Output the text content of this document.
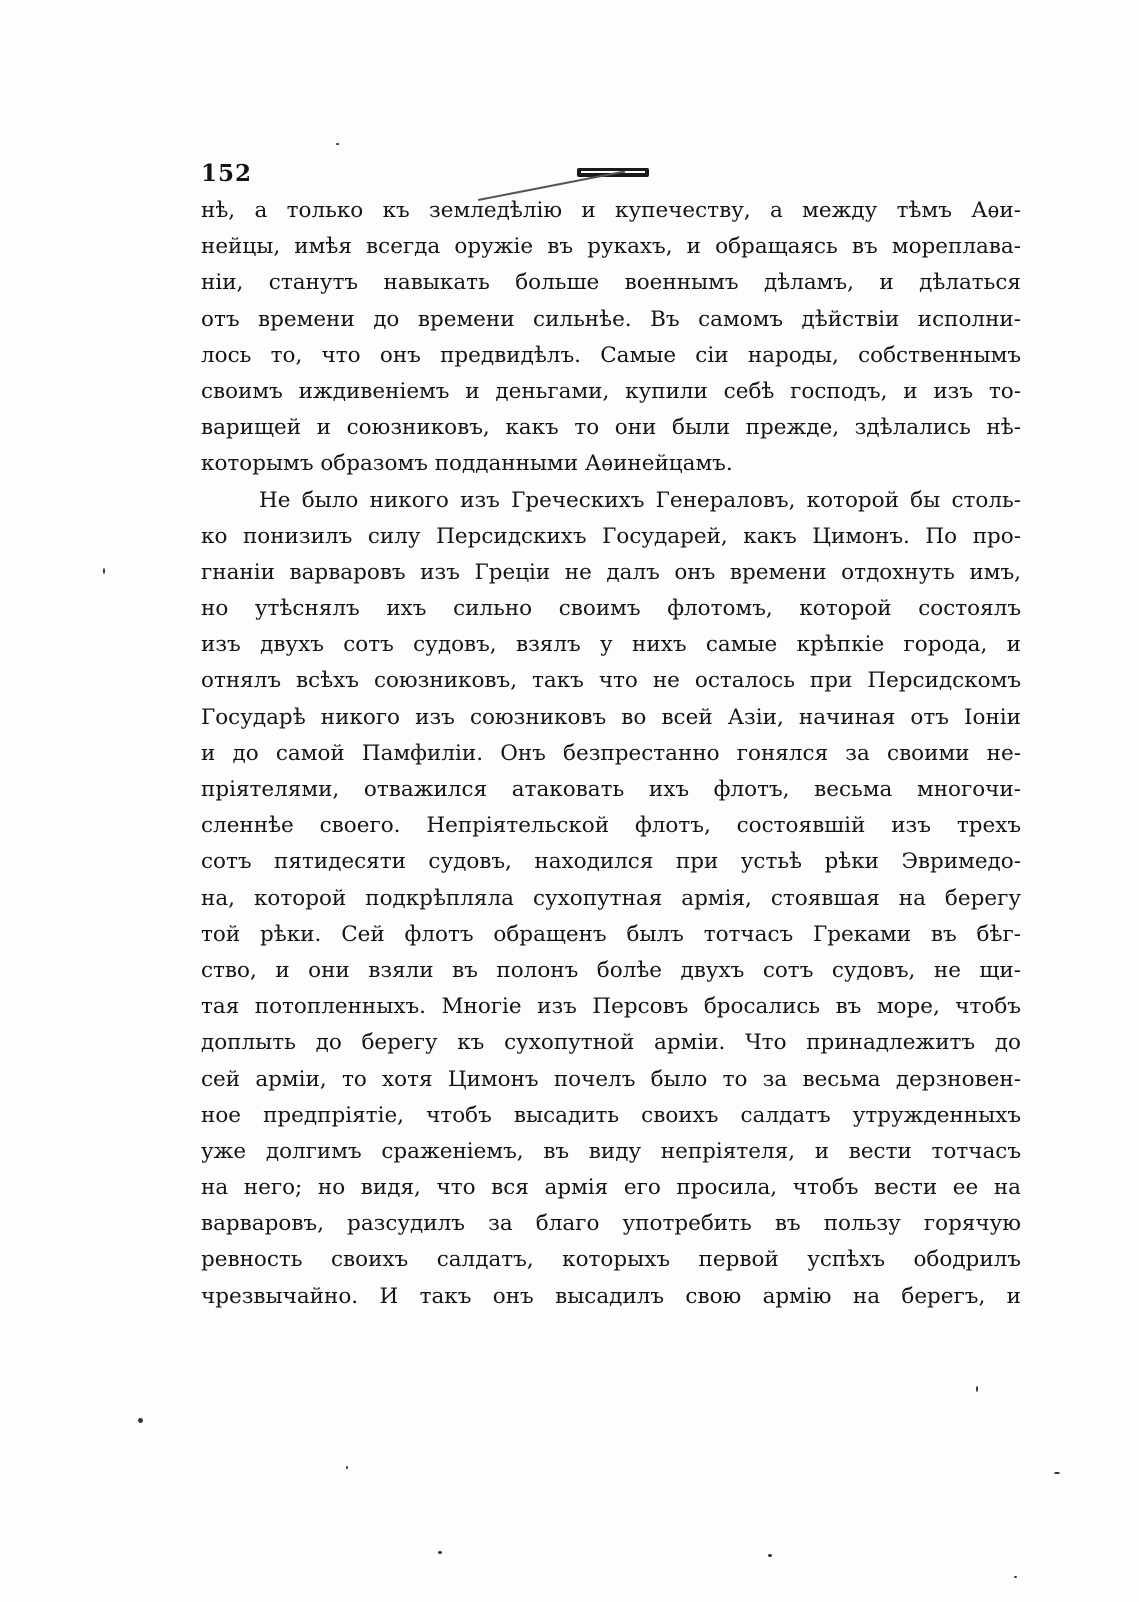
152
нѣ, а только къ земледѣлію и купечеству, а между тѣмъ Аѳи-
нейцы, имѣя всегда оружіе въ рукахъ, и обращаясь въ мореплава-
ніи, станутъ навыкать больше военнымъ дѣламъ, и дѣлаться
отъ времени до времени сильнѣе. Въ самомъ дѣйствіи исполни-
лось то, что онъ предвидѣлъ. Самые сіи народы, собственнымъ
своимъ иждивеніемъ и деньгами, купили себѣ господъ, и изъ то-
варищей и союзниковъ, какъ то они были прежде, здѣлались нѣ-
которымъ образомъ подданными Аѳинейцамъ.
Не было никого изъ Греческихъ Генераловъ, которой бы столь-
ко понизилъ силу Персидскихъ Государей, какъ Цимонъ. По про-
гнаніи варваровъ изъ Греціи не далъ онъ времени отдохнуть имъ,
но утѣснялъ ихъ сильно своимъ флотомъ, которой состоялъ
изъ двухъ сотъ судовъ, взялъ у нихъ самые крѣпкіе города, и
отнялъ всѣхъ союзниковъ, такъ что не осталось при Персидскомъ
Государѣ никого изъ союзниковъ во всей Азіи, начиная отъ Іоніи
и до самой Памфиліи. Онъ безпрестанно гонялся за своими не-
пріятелями, отважился атаковать ихъ флотъ, весьма многочи-
сленнѣе своего. Непріятельской флотъ, состоявшій изъ трехъ
сотъ пятидесяти судовъ, находился при устьѣ рѣки Эвримедо-
на, которой подкрѣпляла сухопутная армія, стоявшая на берегу
той рѣки. Сей флотъ обращенъ былъ тотчасъ Греками въ бѣг-
ство, и они взяли въ полонъ болѣе двухъ сотъ судовъ, не щи-
тая потопленныхъ. Многіе изъ Персовъ бросались въ море, чтобъ
доплыть до берегу къ сухопутной арміи. Что принадлежитъ до
сей арміи, то хотя Цимонъ почелъ было то за весьма дерзновен-
ное предпріятіе, чтобъ высадить своихъ салдатъ утружденныхъ
уже долгимъ сраженіемъ, въ виду непріятеля, и вести тотчасъ
на него; но видя, что вся армія его просила, чтобъ вести ее на
варваровъ, разсудилъ за благо употребить въ пользу горячую
ревность своихъ салдатъ, которыхъ первой успѣхъ ободрилъ
чрезвычайно. И такъ онъ высадилъ свою армію на берегъ, и
